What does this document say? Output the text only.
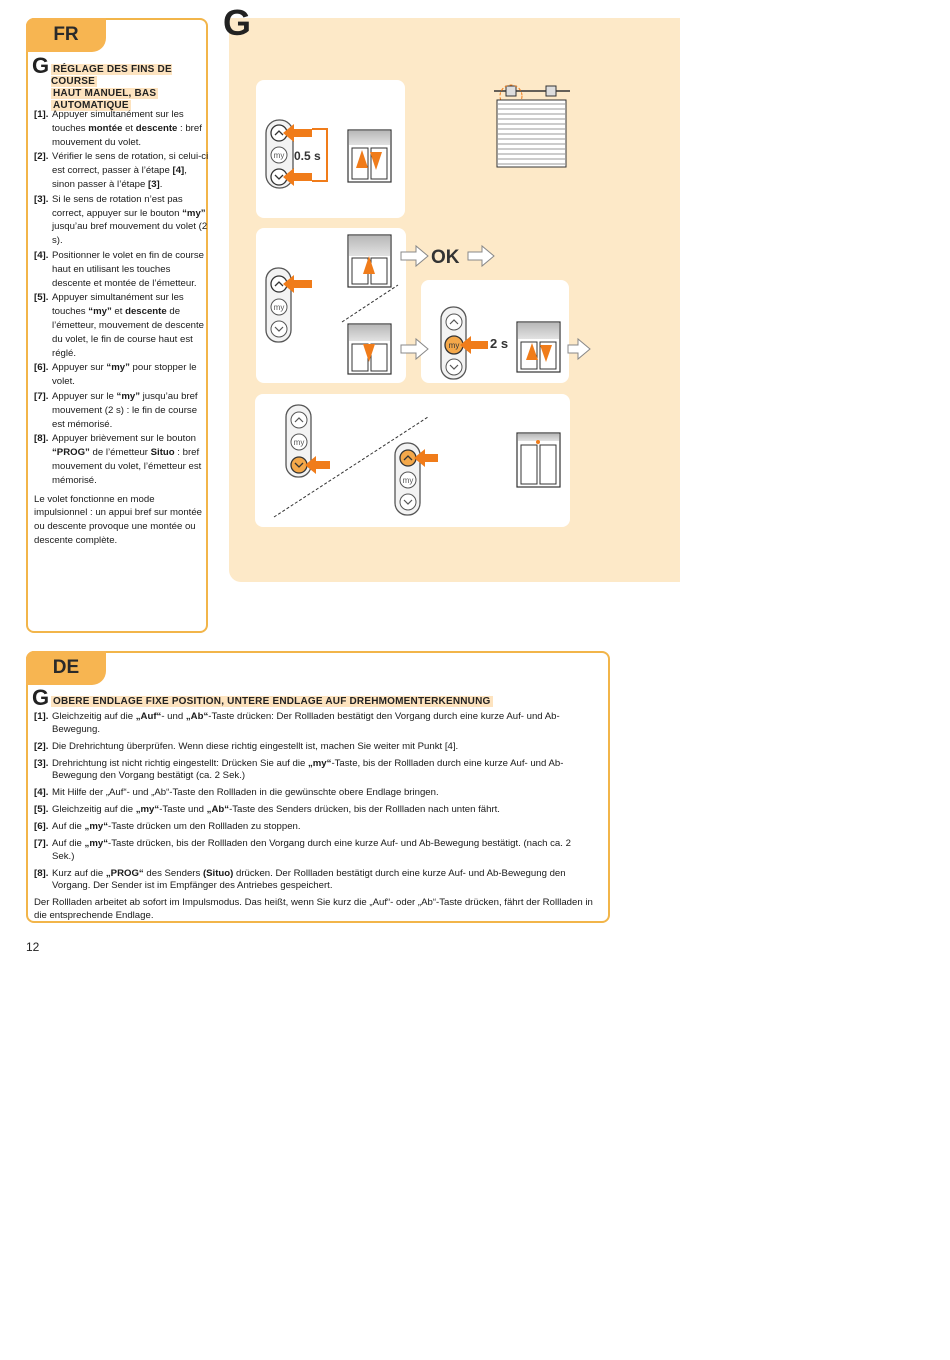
FR
G RÉGLAGE DES FINS DE COURSE
HAUT MANUEL, BAS
AUTOMATIQUE
[1]. Appuyer simultanément sur les touches montée et descente : bref mouvement du volet.
[2]. Vérifier le sens de rotation, si celui-ci est correct, passer à l’étape [4], sinon passer à l’étape [3].
[3]. Si le sens de rotation n’est pas correct, appuyer sur le bouton “my” jusqu’au bref mouvement du volet (2 s).
[4]. Positionner le volet en fin de course haut en utilisant les touches descente et montée de l’émetteur.
[5]. Appuyer simultanément sur les touches “my” et descente de l’émetteur, mouvement de descente du volet, le fin de course haut est réglé.
[6]. Appuyer sur “my” pour stopper le volet.
[7]. Appuyer sur le “my” jusqu’au bref mouvement (2 s) : le fin de course est mémorisé.
[8]. Appuyer brièvement sur le bouton “PROG” de l’émetteur Situo : bref mouvement du volet, l’émetteur est mémorisé.
Le volet fonctionne en mode impulsionnel : un appui bref sur montée ou descente provoque une montée ou descente complète.
G
my 0.5 s
my
OK
my 2 s
my
my
DE
G OBERE ENDLAGE FIXE POSITION, UNTERE ENDLAGE AUF DREHMOMENTERKENNUNG
[1]. Gleichzeitig auf die „Auf“- und „Ab“-Taste drücken: Der Rollladen bestätigt den Vorgang durch eine kurze Auf- und Ab-Bewegung.
[2]. Die Drehrichtung überprüfen. Wenn diese richtig eingestellt ist, machen Sie weiter mit Punkt [4].
[3]. Drehrichtung ist nicht richtig eingestellt: Drücken Sie auf die „my“-Taste, bis der Rollladen durch eine kurze Auf- und Ab-Bewegung den Vorgang bestätigt (ca. 2 Sek.)
[4]. Mit Hilfe der „Auf“- und „Ab“-Taste den Rollladen in die gewünschte obere Endlage bringen.
[5]. Gleichzeitig auf die „my“-Taste und „Ab“-Taste des Senders drücken, bis der Rollladen nach unten fährt.
[6]. Auf die „my“-Taste drücken um den Rollladen zu stoppen.
[7]. Auf die „my“-Taste drücken, bis der Rollladen den Vorgang durch eine kurze Auf- und Ab-Bewegung bestätigt. (nach ca. 2 Sek.)
[8]. Kurz auf die „PROG“ des Senders (Situo) drücken. Der Rollladen bestätigt durch eine kurze Auf- und Ab-Bewegung den Vorgang. Der Sender ist im Empfänger des Antriebes gespeichert.
Der Rollladen arbeitet ab sofort im Impulsmodus. Das heißt, wenn Sie kurz die „Auf“- oder „Ab“-Taste drücken, fährt der Rollladen in die entsprechende Endlage.
12
